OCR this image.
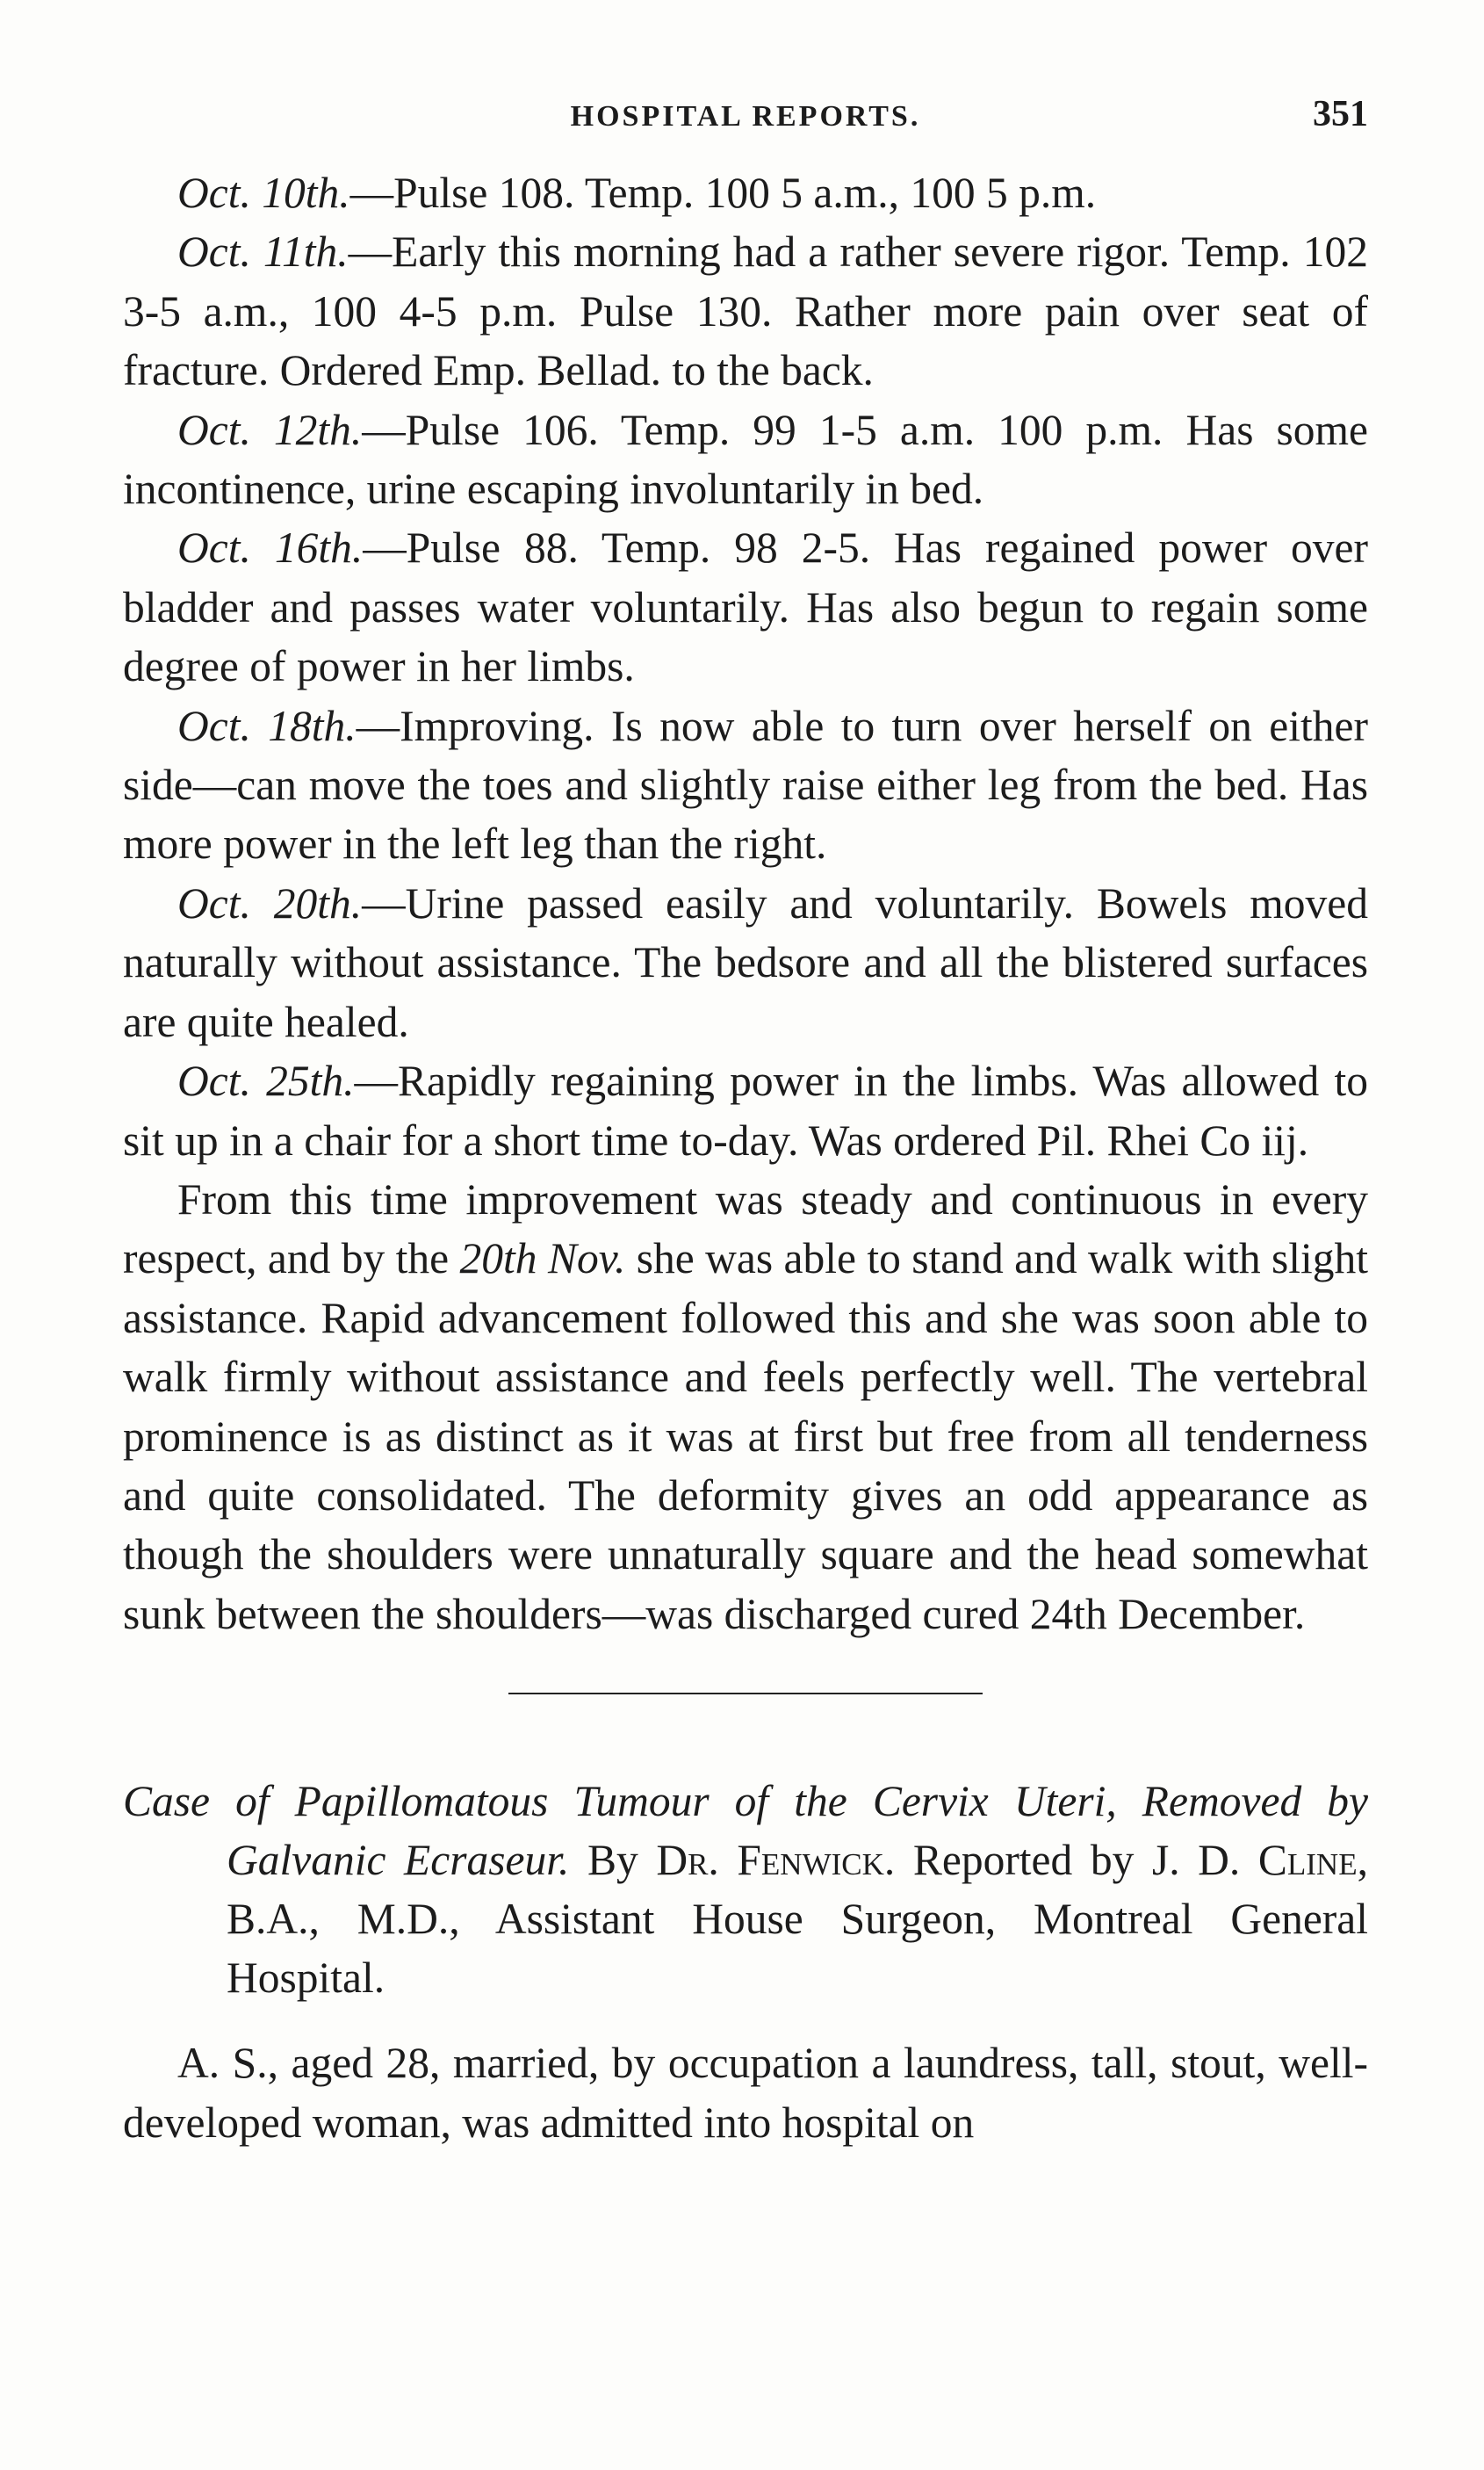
HOSPITAL REPORTS.	351

Oct. 10th.—Pulse 108. Temp. 100 5 a.m., 100 5 p.m.

Oct. 11th.—Early this morning had a rather severe rigor. Temp. 102 3-5 a.m., 100 4-5 p.m. Pulse 130. Rather more pain over seat of fracture. Ordered Emp. Bellad. to the back.

Oct. 12th.—Pulse 106. Temp. 99 1-5 a.m. 100 p.m. Has some incontinence, urine escaping involuntarily in bed.

Oct. 16th.—Pulse 88. Temp. 98 2-5. Has regained power over bladder and passes water voluntarily. Has also begun to regain some degree of power in her limbs.

Oct. 18th.—Improving. Is now able to turn over herself on either side—can move the toes and slightly raise either leg from the bed. Has more power in the left leg than the right.

Oct. 20th.—Urine passed easily and voluntarily. Bowels moved naturally without assistance. The bedsore and all the blistered surfaces are quite healed.

Oct. 25th.—Rapidly regaining power in the limbs. Was allowed to sit up in a chair for a short time to-day. Was ordered Pil. Rhei Co iij.

From this time improvement was steady and continuous in every respect, and by the 20th Nov. she was able to stand and walk with slight assistance. Rapid advancement followed this and she was soon able to walk firmly without assistance and feels perfectly well. The vertebral prominence is as distinct as it was at first but free from all tenderness and quite consolidated. The deformity gives an odd appearance as though the shoulders were unnaturally square and the head somewhat sunk between the shoulders—was discharged cured 24th December.

Case of Papillomatous Tumour of the Cervix Uteri, Removed by Galvanic Ecraseur. By Dr. Fenwick. Reported by J. D. Cline, B.A., M.D., Assistant House Surgeon, Montreal General Hospital.

A. S., aged 28, married, by occupation a laundress, tall, stout, well-developed woman, was admitted into hospital on
